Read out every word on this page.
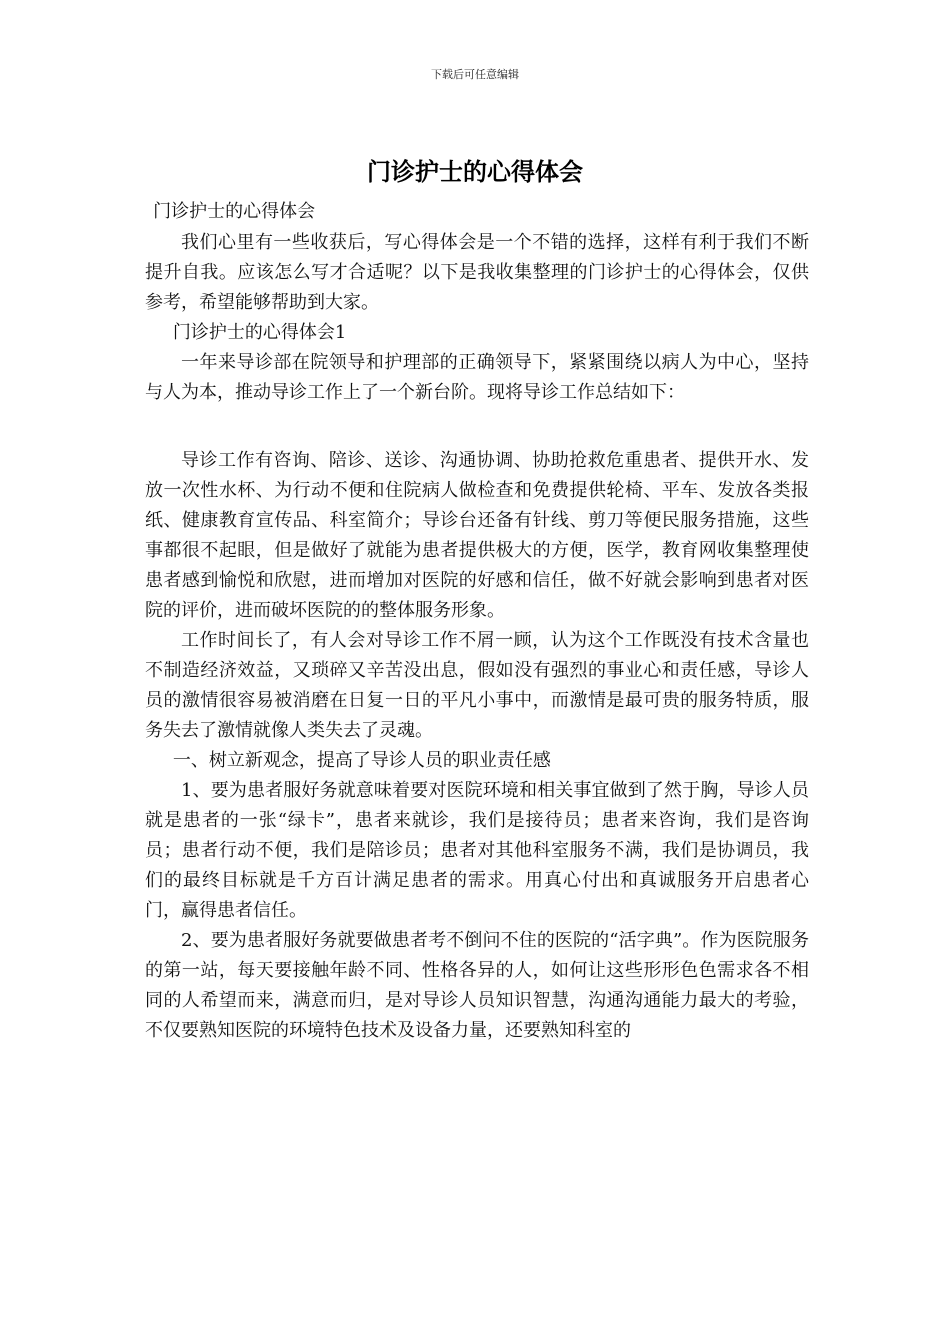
下载后可任意编辑
门诊护士的心得体会

门诊护士的心得体会

我们心里有一些收获后，写心得体会是一个不错的选择，这样有利于我们不断提升自我。应该怎么写才合适呢？以下是我收集整理的门诊护士的心得体会，仅供参考，希望能够帮助到大家。

门诊护士的心得体会1

一年来导诊部在院领导和护理部的正确领导下，紧紧围绕以病人为中心，坚持与人为本，推动导诊工作上了一个新台阶。现将导诊工作总结如下：

导诊工作有咨询、陪诊、送诊、沟通协调、协助抢救危重患者、提供开水、发放一次性水杯、为行动不便和住院病人做检查和免费提供轮椅、平车、发放各类报纸、健康教育宣传品、科室简介；导诊台还备有针线、剪刀等便民服务措施，这些事都很不起眼，但是做好了就能为患者提供极大的方便，医学，教育网收集整理使患者感到愉悦和欣慰，进而增加对医院的好感和信任，做不好就会影响到患者对医院的评价，进而破坏医院的的整体服务形象。

工作时间长了，有人会对导诊工作不屑一顾，认为这个工作既没有技术含量也不制造经济效益，又琐碎又辛苦没出息，假如没有强烈的事业心和责任感，导诊人员的激情很容易被消磨在日复一日的平凡小事中，而激情是最可贵的服务特质，服务失去了激情就像人类失去了灵魂。

一、树立新观念，提高了导诊人员的职业责任感

1、要为患者服好务就意味着要对医院环境和相关事宜做到了然于胸，导诊人员就是患者的一张“绿卡”，患者来就诊，我们是接待员；患者来咨询，我们是咨询员；患者行动不便，我们是陪诊员；患者对其他科室服务不满，我们是协调员，我们的最终目标就是千方百计满足患者的需求。用真心付出和真诚服务开启患者心门，赢得患者信任。

2、要为患者服好务就要做患者考不倒问不住的医院的“活字典”。作为医院服务的第一站，每天要接触年龄不同、性格各异的人，如何让这些形形色色需求各不相同的人希望而来，满意而归，是对导诊人员知识智慧，沟通沟通能力最大的考验，不仅要熟知医院的环境特色技术及设备力量，还要熟知科室的
